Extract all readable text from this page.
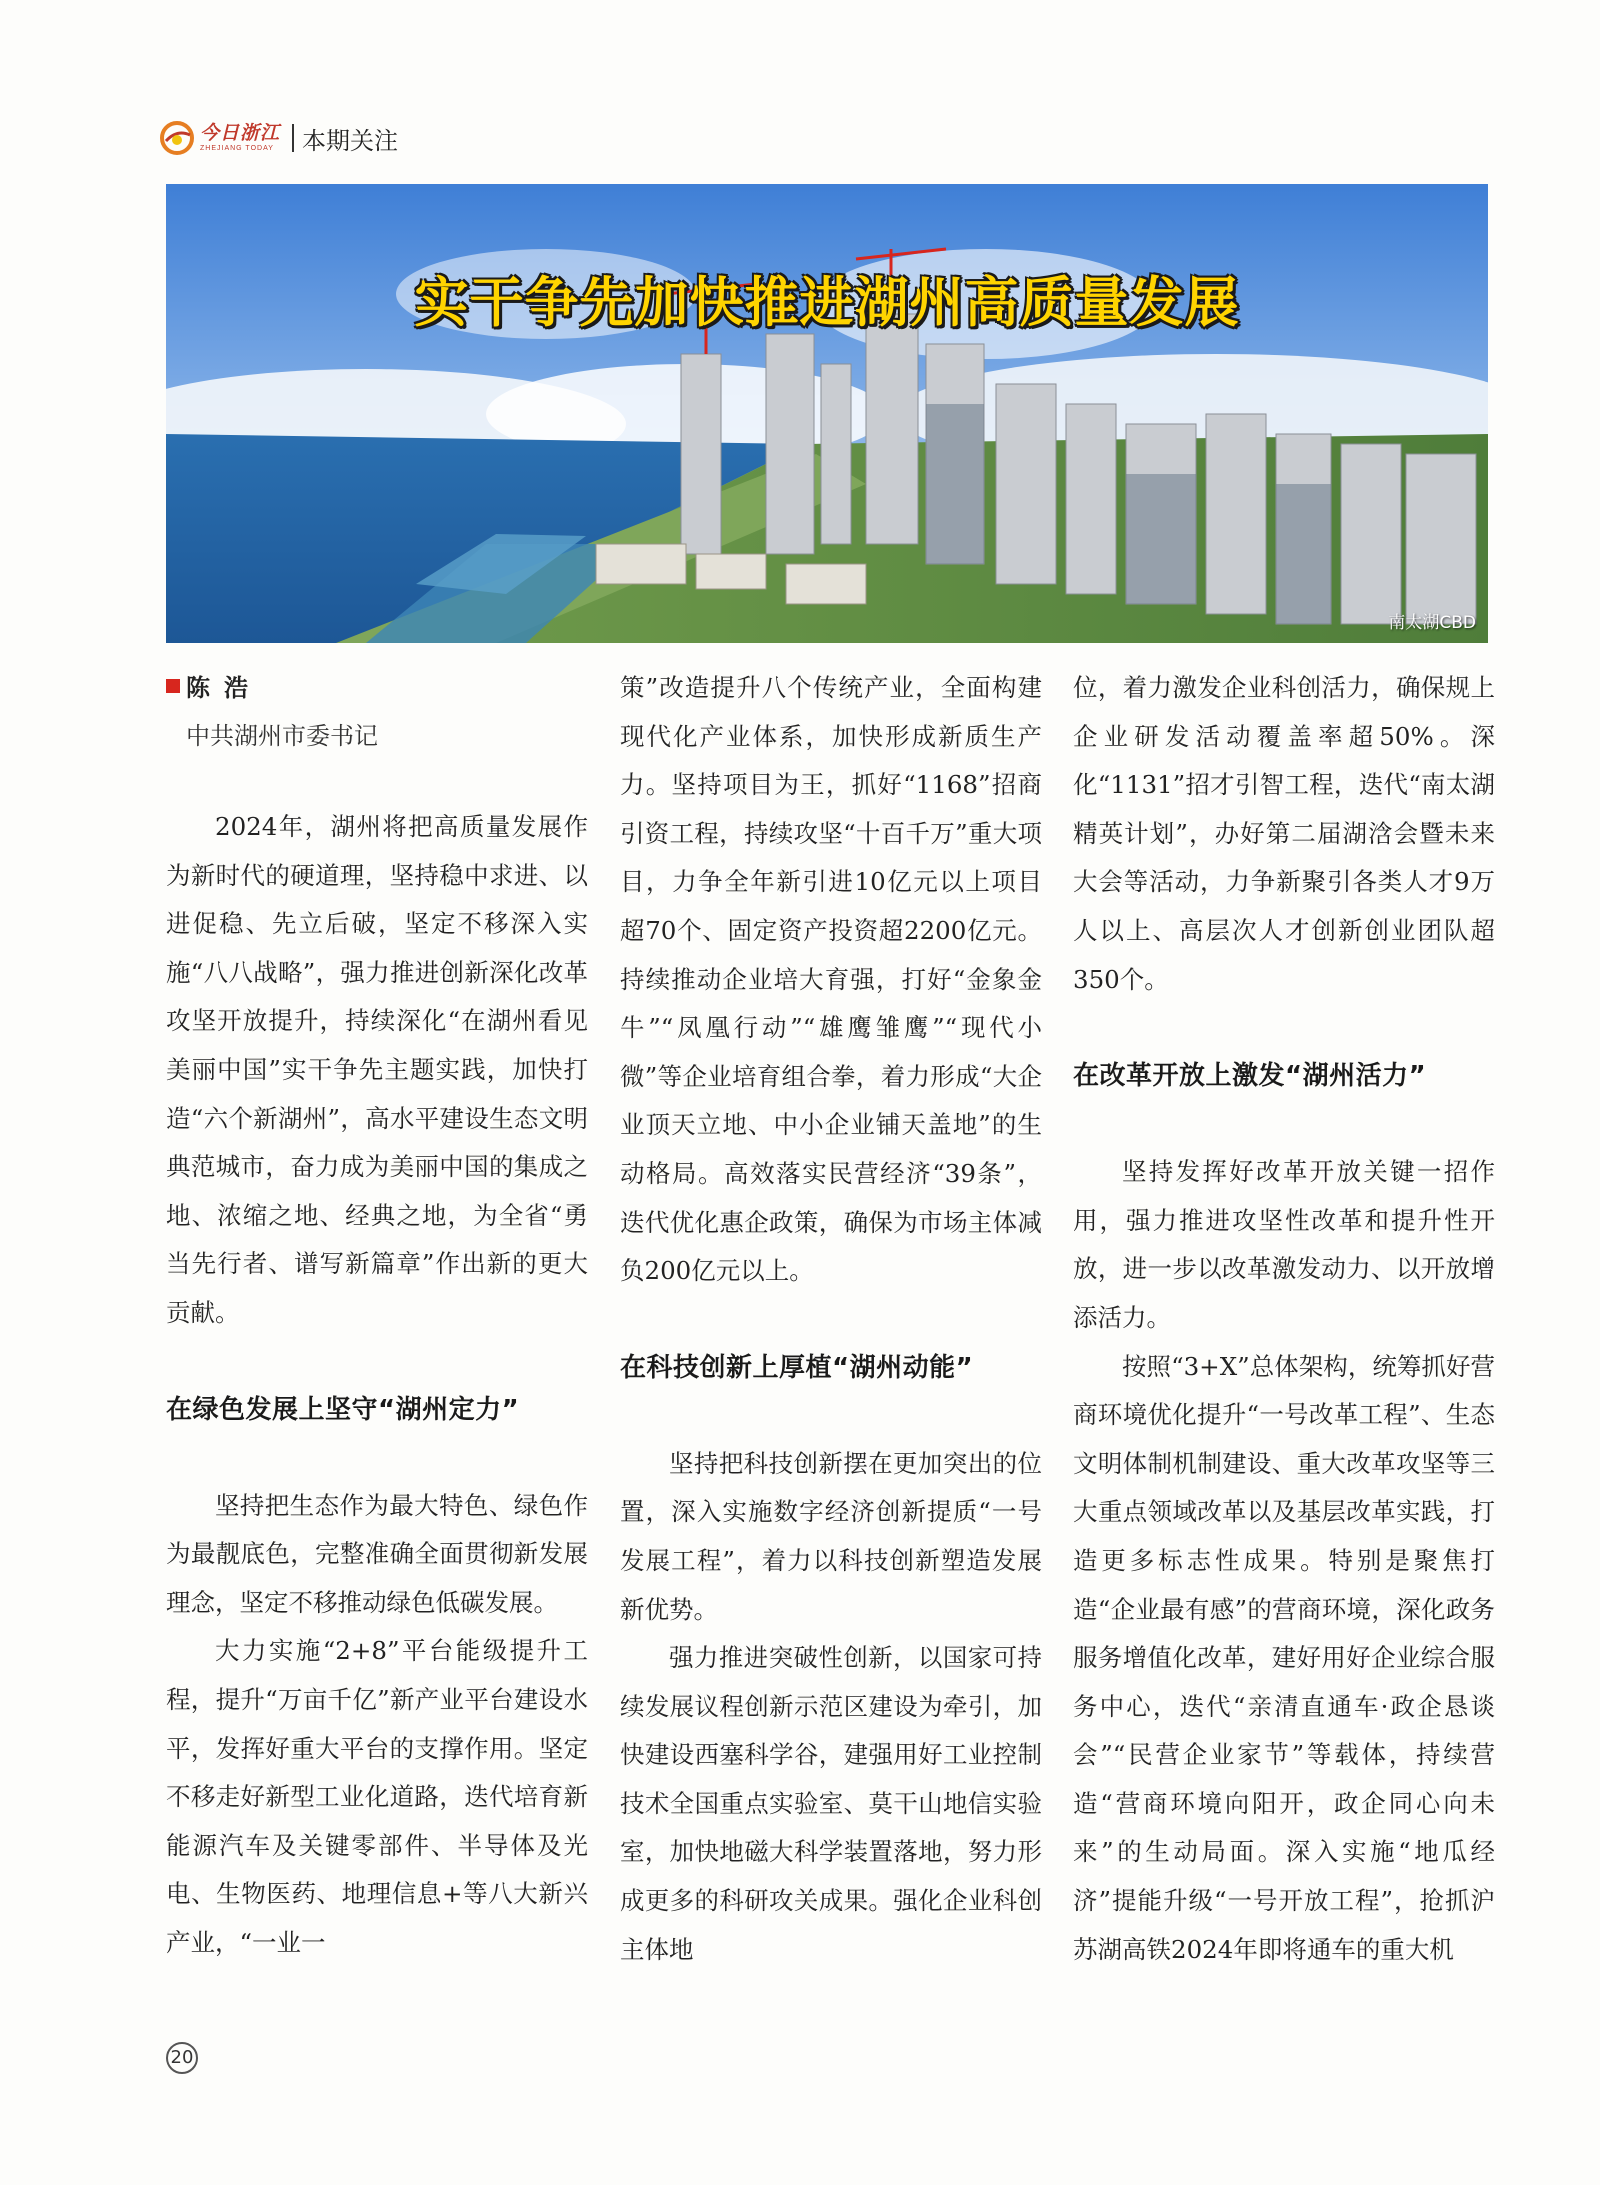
今日浙江
ZHEJIANG TODAY 本期关注
实干争先加快推进湖州高质量发展
南太湖CBD
陈浩
中共湖州市委书记

2024年，湖州将把高质量发展作为新时代的硬道理，坚持稳中求进、以进促稳、先立后破，坚定不移深入实施“八八战略”，强力推进创新深化改革攻坚开放提升，持续深化“在湖州看见美丽中国”实干争先主题实践，加快打造“六个新湖州”，高水平建设生态文明典范城市，奋力成为美丽中国的集成之地、浓缩之地、经典之地，为全省“勇当先行者、谱写新篇章”作出新的更大贡献。

在绿色发展上坚守“湖州定力”

坚持把生态作为最大特色、绿色作为最靓底色，完整准确全面贯彻新发展理念，坚定不移推动绿色低碳发展。

大力实施“2+8”平台能级提升工程，提升“万亩千亿”新产业平台建设水平，发挥好重大平台的支撑作用。坚定不移走好新型工业化道路，迭代培育新能源汽车及关键零部件、半导体及光电、生物医药、地理信息+等八大新兴产业，“一业一

策”改造提升八个传统产业，全面构建现代化产业体系，加快形成新质生产力。坚持项目为王，抓好“1168”招商引资工程，持续攻坚“十百千万”重大项目，力争全年新引进10亿元以上项目超70个、固定资产投资超2200亿元。持续推动企业培大育强，打好“金象金牛”“凤凰行动”“雄鹰雏鹰”“现代小微”等企业培育组合拳，着力形成“大企业顶天立地、中小企业铺天盖地”的生动格局。高效落实民营经济“39条”，迭代优化惠企政策，确保为市场主体减负200亿元以上。

在科技创新上厚植“湖州动能”

坚持把科技创新摆在更加突出的位置，深入实施数字经济创新提质“一号发展工程”，着力以科技创新塑造发展新优势。

强力推进突破性创新，以国家可持续发展议程创新示范区建设为牵引，加快建设西塞科学谷，建强用好工业控制技术全国重点实验室、莫干山地信实验室，加快地磁大科学装置落地，努力形成更多的科研攻关成果。强化企业科创主体地

位，着力激发企业科创活力，确保规上企业研发活动覆盖率超50%。深化“1131”招才引智工程，迭代“南太湖精英计划”，办好第二届湖浛会暨未来大会等活动，力争新聚引各类人才9万人以上、高层次人才创新创业团队超350个。

在改革开放上激发“湖州活力”

坚持发挥好改革开放关键一招作用，强力推进攻坚性改革和提升性开放，进一步以改革激发动力、以开放增添活力。

按照“3+X”总体架构，统筹抓好营商环境优化提升“一号改革工程”、生态文明体制机制建设、重大改革攻坚等三大重点领域改革以及基层改革实践，打造更多标志性成果。特别是聚焦打造“企业最有感”的营商环境，深化政务服务增值化改革，建好用好企业综合服务中心，迭代“亲清直通车·政企恳谈会”“民营企业家节”等载体，持续营造“营商环境向阳开，政企同心向未来”的生动局面。深入实施“地瓜经济”提能升级“一号开放工程”，抢抓沪苏湖高铁2024年即将通车的重大机

20
